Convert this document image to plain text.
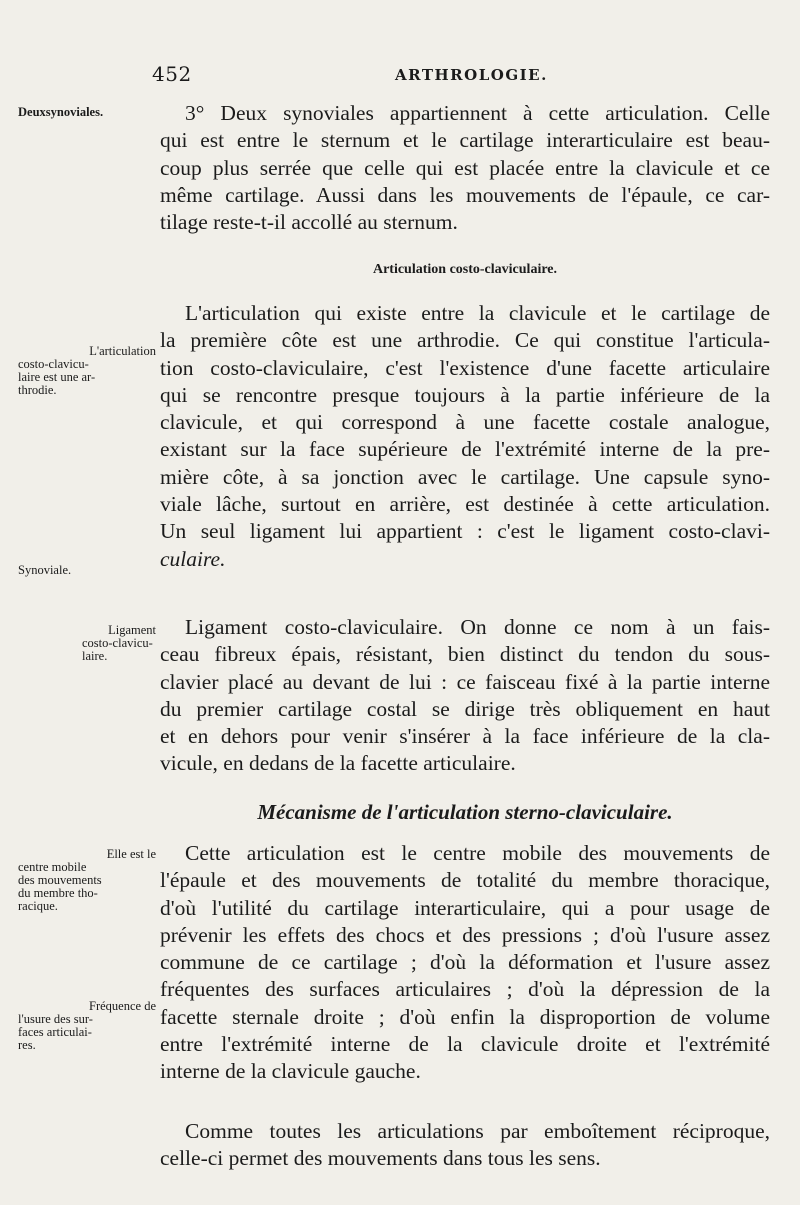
452	ARTHROLOGIE.
Deuxsynoviales.
L'articulation
costo-clavicu-
laire est une ar-
throdie.
Synoviale.
Ligament
costo-clavicu-
laire.
Elle est le
centre mobile
des mouvements
du membre tho-
racique.
Fréquence de
l'usure des sur-
faces articulai-
res.
3° Deux synoviales appartiennent à cette articulation. Celle
qui est entre le sternum et le cartilage interarticulaire est beau-
coup plus serrée que celle qui est placée entre la clavicule et ce
même cartilage. Aussi dans les mouvements de l'épaule, ce car-
tilage reste-t-il accollé au sternum.
Articulation costo-claviculaire.
L'articulation qui existe entre la clavicule et le cartilage de
la première côte est une arthrodie. Ce qui constitue l'articula-
tion costo-claviculaire, c'est l'existence d'une facette articulaire
qui se rencontre presque toujours à la partie inférieure de la
clavicule, et qui correspond à une facette costale analogue,
existant sur la face supérieure de l'extrémité interne de la pre-
mière côte, à sa jonction avec le cartilage. Une capsule syno-
viale lâche, surtout en arrière, est destinée à cette articulation.
Un seul ligament lui appartient : c'est le ligament costo-clavi-
culaire.
Ligament costo-claviculaire. On donne ce nom à un fais-
ceau fibreux épais, résistant, bien distinct du tendon du sous-
clavier placé au devant de lui : ce faisceau fixé à la partie interne
du premier cartilage costal se dirige très obliquement en haut
et en dehors pour venir s'insérer à la face inférieure de la cla-
vicule, en dedans de la facette articulaire.
Mécanisme de l'articulation sterno-claviculaire.
Cette articulation est le centre mobile des mouvements de
l'épaule et des mouvements de totalité du membre thoracique,
d'où l'utilité du cartilage interarticulaire, qui a pour usage de
prévenir les effets des chocs et des pressions ; d'où l'usure assez
commune de ce cartilage ; d'où la déformation et l'usure assez
fréquentes des surfaces articulaires ; d'où la dépression de la
facette sternale droite ; d'où enfin la disproportion de volume
entre l'extrémité interne de la clavicule droite et l'extrémité
interne de la clavicule gauche.
Comme toutes les articulations par emboîtement réciproque,
celle-ci permet des mouvements dans tous les sens.
